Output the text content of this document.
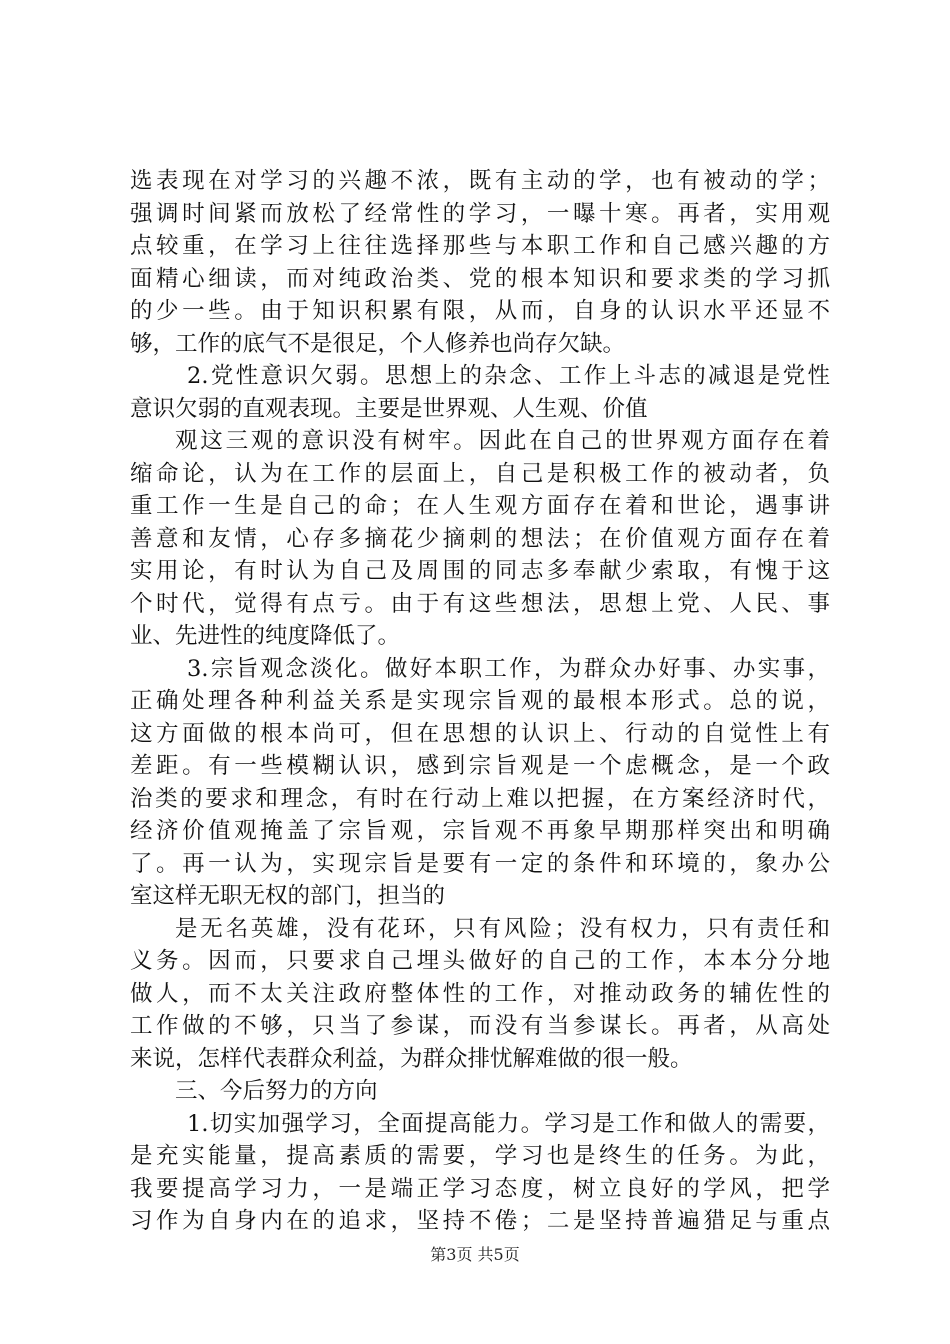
选表现在对学习的兴趣不浓，既有主动的学，也有被动的学；
强调时间紧而放松了经常性的学习，一曝十寒。再者，实用观
点较重，在学习上往往选择那些与本职工作和自己感兴趣的方
面精心细读，而对纯政治类、党的根本知识和要求类的学习抓
的少一些。由于知识积累有限，从而，自身的认识水平还显不
够，工作的底气不是很足，个人修养也尚存欠缺。
2.党性意识欠弱。思想上的杂念、工作上斗志的减退是党性
意识欠弱的直观表现。主要是世界观、人生观、价值
观这三观的意识没有树牢。因此在自己的世界观方面存在着
缩命论，认为在工作的层面上，自己是积极工作的被动者，负
重工作一生是自己的命；在人生观方面存在着和世论，遇事讲
善意和友情，心存多摘花少摘刺的想法；在价值观方面存在着
实用论，有时认为自己及周围的同志多奉献少索取，有愧于这
个时代，觉得有点亏。由于有这些想法，思想上党、人民、事
业、先进性的纯度降低了。
3.宗旨观念淡化。做好本职工作，为群众办好事、办实事，
正确处理各种利益关系是实现宗旨观的最根本形式。总的说，
这方面做的根本尚可，但在思想的认识上、行动的自觉性上有
差距。有一些模糊认识，感到宗旨观是一个虑概念，是一个政
治类的要求和理念，有时在行动上难以把握，在方案经济时代，
经济价值观掩盖了宗旨观，宗旨观不再象早期那样突出和明确
了。再一认为，实现宗旨是要有一定的条件和环境的，象办公
室这样无职无权的部门，担当的
是无名英雄，没有花环，只有风险；没有权力，只有责任和
义务。因而，只要求自己埋头做好的自己的工作，本本分分地
做人，而不太关注政府整体性的工作，对推动政务的辅佐性的
工作做的不够，只当了参谋，而没有当参谋长。再者，从高处
来说，怎样代表群众利益，为群众排忧解难做的很一般。
三、今后努力的方向
1.切实加强学习，全面提高能力。学习是工作和做人的需要，
是充实能量，提高素质的需要，学习也是终生的任务。为此，
我要提高学习力，一是端正学习态度，树立良好的学风，把学
习作为自身内在的追求，坚持不倦；二是坚持普遍猎足与重点
第3页 共5页
